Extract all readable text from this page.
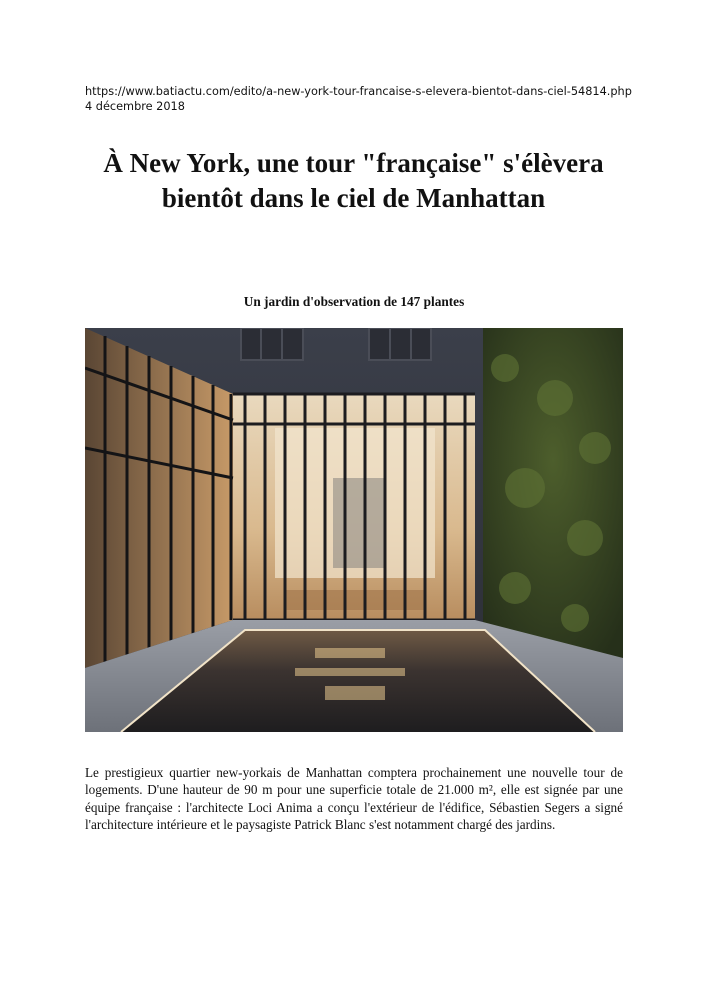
https://www.batiactu.com/edito/a-new-york-tour-francaise-s-elevera-bientot-dans-ciel-54814.php
4 décembre 2018
À New York, une tour "française" s'élèvera bientôt dans le ciel de Manhattan
Un jardin d'observation de 147 plantes

Le prestigieux quartier new-yorkais de Manhattan comptera prochainement une nouvelle tour de logements. D'une hauteur de 90 m pour une superficie totale de 21.000 m², elle est signée par une équipe française : l'architecte Loci Anima a conçu l'extérieur de l'édifice, Sébastien Segers a signé l'architecture intérieure et le paysagiste Patrick Blanc s'est notamment chargé des jardins.
